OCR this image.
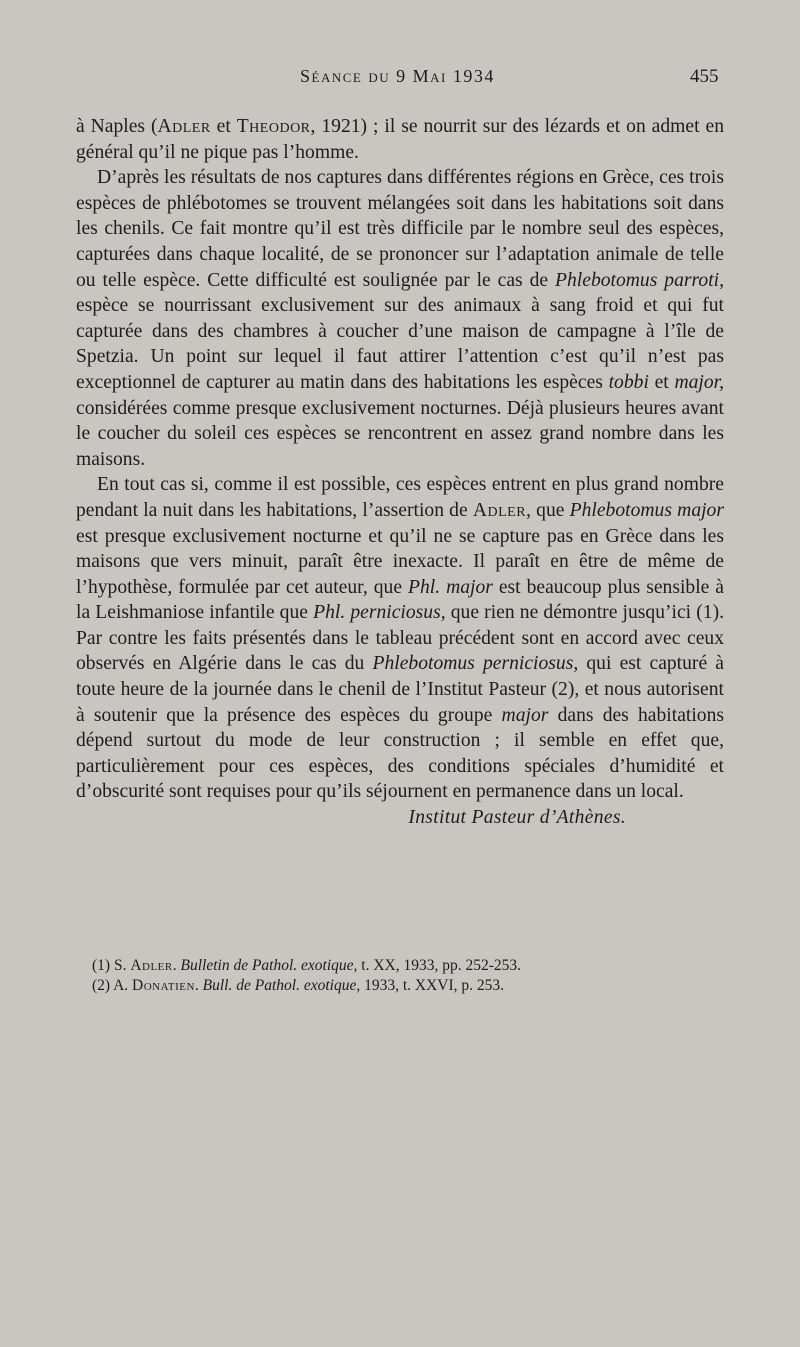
Séance du 9 Mai 1934	455

à Naples (Adler et Theodor, 1921) ; il se nourrit sur des lézards et on admet en général qu’il ne pique pas l’homme.

D’après les résultats de nos captures dans différentes régions en Grèce, ces trois espèces de phlébotomes se trouvent mélangées soit dans les habitations soit dans les chenils. Ce fait montre qu’il est très difficile par le nombre seul des espèces, capturées dans chaque localité, de se prononcer sur l’adaptation animale de telle ou telle espèce. Cette difficulté est soulignée par le cas de Phlebotomus parroti, espèce se nourrissant exclusivement sur des animaux à sang froid et qui fut capturée dans des chambres à coucher d’une maison de campagne à l’île de Spetzia. Un point sur lequel il faut attirer l’attention c’est qu’il n’est pas exceptionnel de capturer au matin dans des habitations les espèces tobbi et major, considérées comme presque exclusivement nocturnes. Déjà plusieurs heures avant le coucher du soleil ces espèces se rencontrent en assez grand nombre dans les maisons.

En tout cas si, comme il est possible, ces espèces entrent en plus grand nombre pendant la nuit dans les habitations, l’assertion de Adler, que Phlebotomus major est presque exclusivement nocturne et qu’il ne se capture pas en Grèce dans les maisons que vers minuit, paraît être inexacte. Il paraît en être de même de l’hypothèse, formulée par cet auteur, que Phl. major est beaucoup plus sensible à la Leishmaniose infantile que Phl. perniciosus, que rien ne démontre jusqu’ici (1). Par contre les faits présentés dans le tableau précédent sont en accord avec ceux observés en Algérie dans le cas du Phlebotomus perniciosus, qui est capturé à toute heure de la journée dans le chenil de l’Institut Pasteur (2), et nous autorisent à soutenir que la présence des espèces du groupe major dans des habitations dépend surtout du mode de leur construction ; il semble en effet que, particulièrement pour ces espèces, des conditions spéciales d’humidité et d’obscurité sont requises pour qu’ils séjournent en permanence dans un local.

Institut Pasteur d’Athènes.

(1) S. Adler. Bulletin de Pathol. exotique, t. XX, 1933, pp. 252-253.

(2) A. Donatien. Bull. de Pathol. exotique, 1933, t. XXVI, p. 253.
